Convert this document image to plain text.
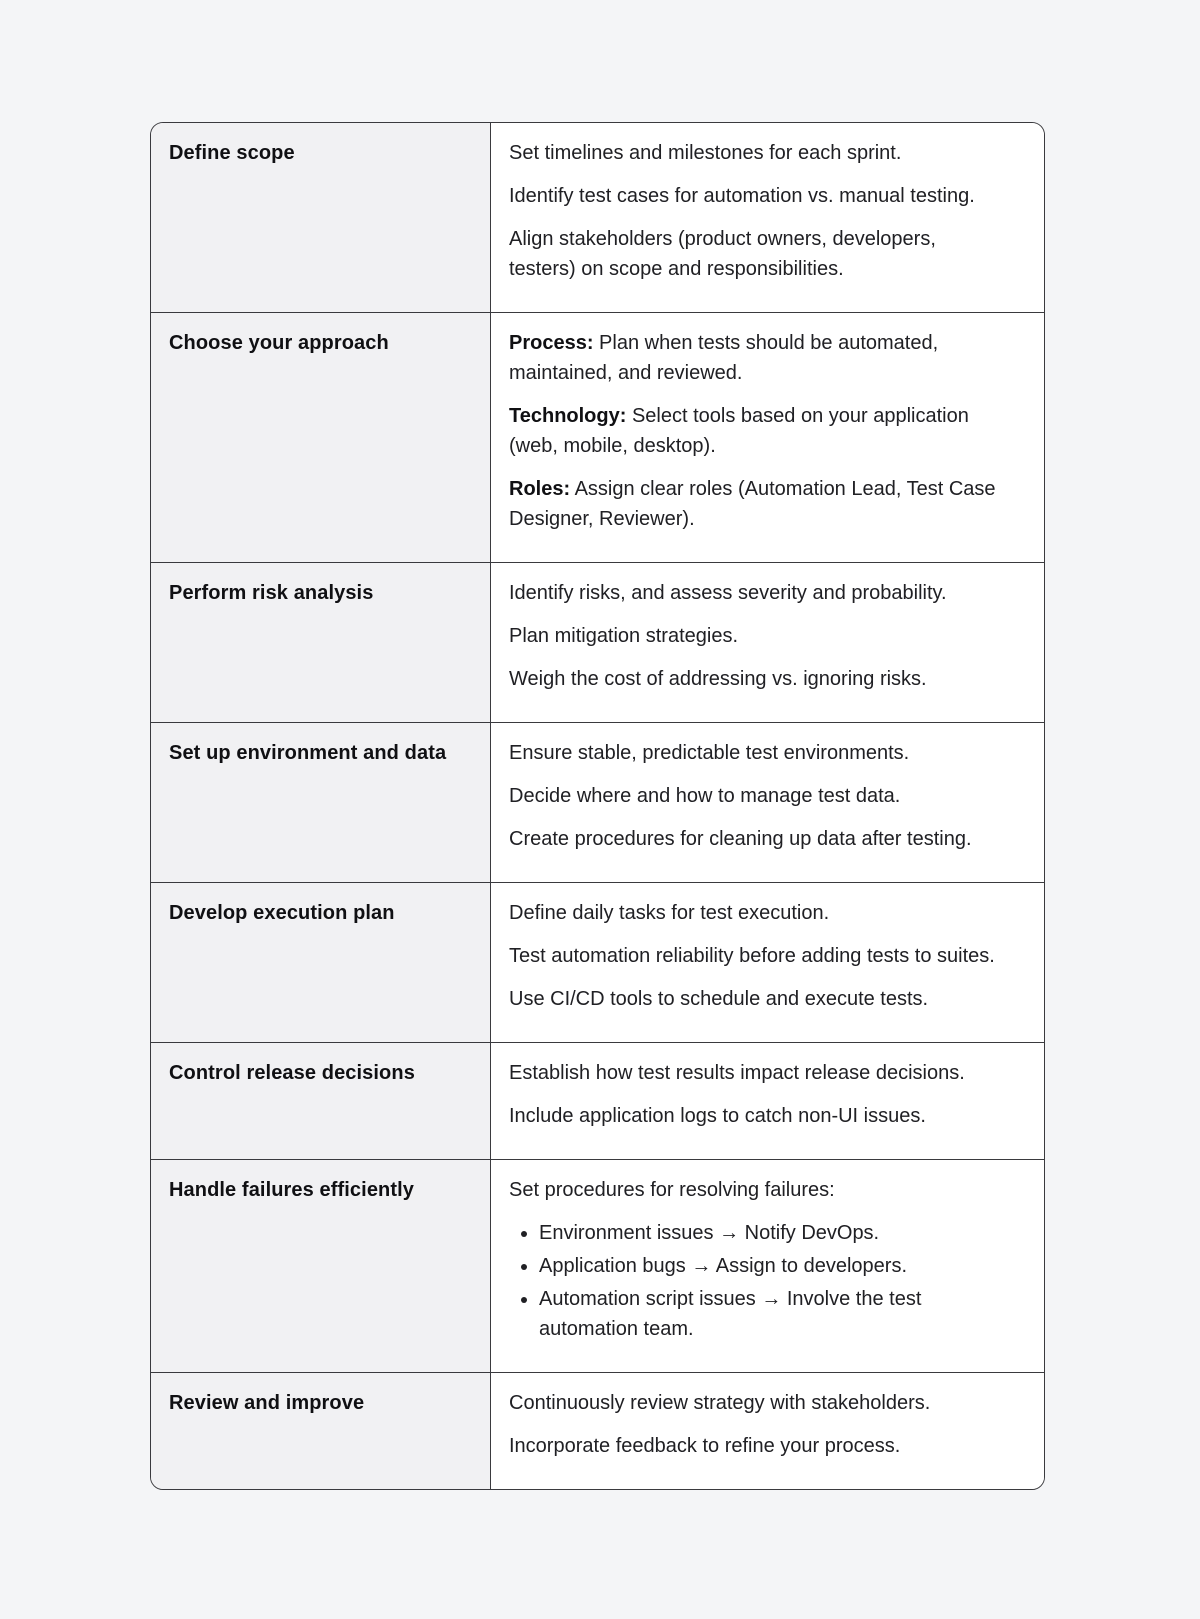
Define scope	Set timelines and milestones for each sprint.

Identify test cases for automation vs. manual testing.

Align stakeholders (product owners, developers, testers) on scope and responsibilities.

Choose your approach	Process: Plan when tests should be automated, maintained, and reviewed.

Technology: Select tools based on your application (web, mobile, desktop).

Roles: Assign clear roles (Automation Lead, Test Case Designer, Reviewer).

Perform risk analysis	Identify risks, and assess severity and probability.

Plan mitigation strategies.

Weigh the cost of addressing vs. ignoring risks.

Set up environment and data	Ensure stable, predictable test environments.

Decide where and how to manage test data.

Create procedures for cleaning up data after testing.

Develop execution plan	Define daily tasks for test execution.

Test automation reliability before adding tests to suites.

Use CI/CD tools to schedule and execute tests.

Control release decisions	Establish how test results impact release decisions.

Include application logs to catch non-UI issues.

Handle failures efficiently	Set procedures for resolving failures:

• Environment issues → Notify DevOps.
• Application bugs → Assign to developers.
• Automation script issues → Involve the test automation team.
Review and improve	Continuously review strategy with stakeholders.

Incorporate feedback to refine your process.
